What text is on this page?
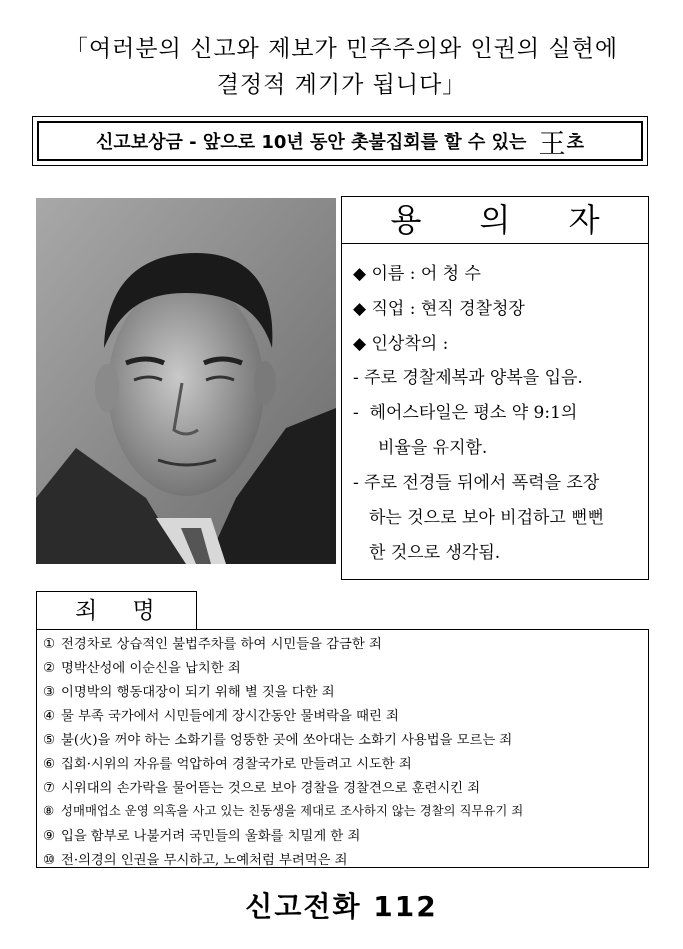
「여러분의 신고와 제보가 민주주의와 인권의 실현에
결정적 계기가 됩니다」
신고보상금 - 앞으로 10년 동안 촛불집회를 할 수 있는 王 초
용 의 자
◆ 이름 : 어 청 수
◆ 직업 : 현직 경찰청장
◆ 인상착의 :
- 주로 경찰제복과 양복을 입음.
-  헤어스타일은 평소 약 9:1의
비율을 유지함.
- 주로 전경들 뒤에서 폭력을 조장
하는 것으로 보아 비겁하고 뻔뻔
한 것으로 생각됨.
죄 명
① 전경차로 상습적인 불법주차를 하여 시민들을 감금한 죄
② 명박산성에 이순신을 납치한 죄
③ 이명박의 행동대장이 되기 위해 별 짓을 다한 죄
④ 물 부족 국가에서 시민들에게 장시간동안 물벼락을 때린 죄
⑤ 불(火)을 꺼야 하는 소화기를 엉뚱한 곳에 쏘아대는 소화기 사용법을 모르는 죄
⑥ 집회·시위의 자유를 억압하여 경찰국가로 만들려고 시도한 죄
⑦ 시위대의 손가락을 물어뜯는 것으로 보아 경찰을 경찰견으로 훈련시킨 죄
⑧ 성매매업소 운영 의혹을 사고 있는 친동생을 제대로 조사하지 않는 경찰의 직무유기 죄
⑨ 입을 함부로 나불거려 국민들의 울화를 치밀게 한 죄
⑩ 전·의경의 인권을 무시하고, 노예처럼 부려먹은 죄
신고전화 112
